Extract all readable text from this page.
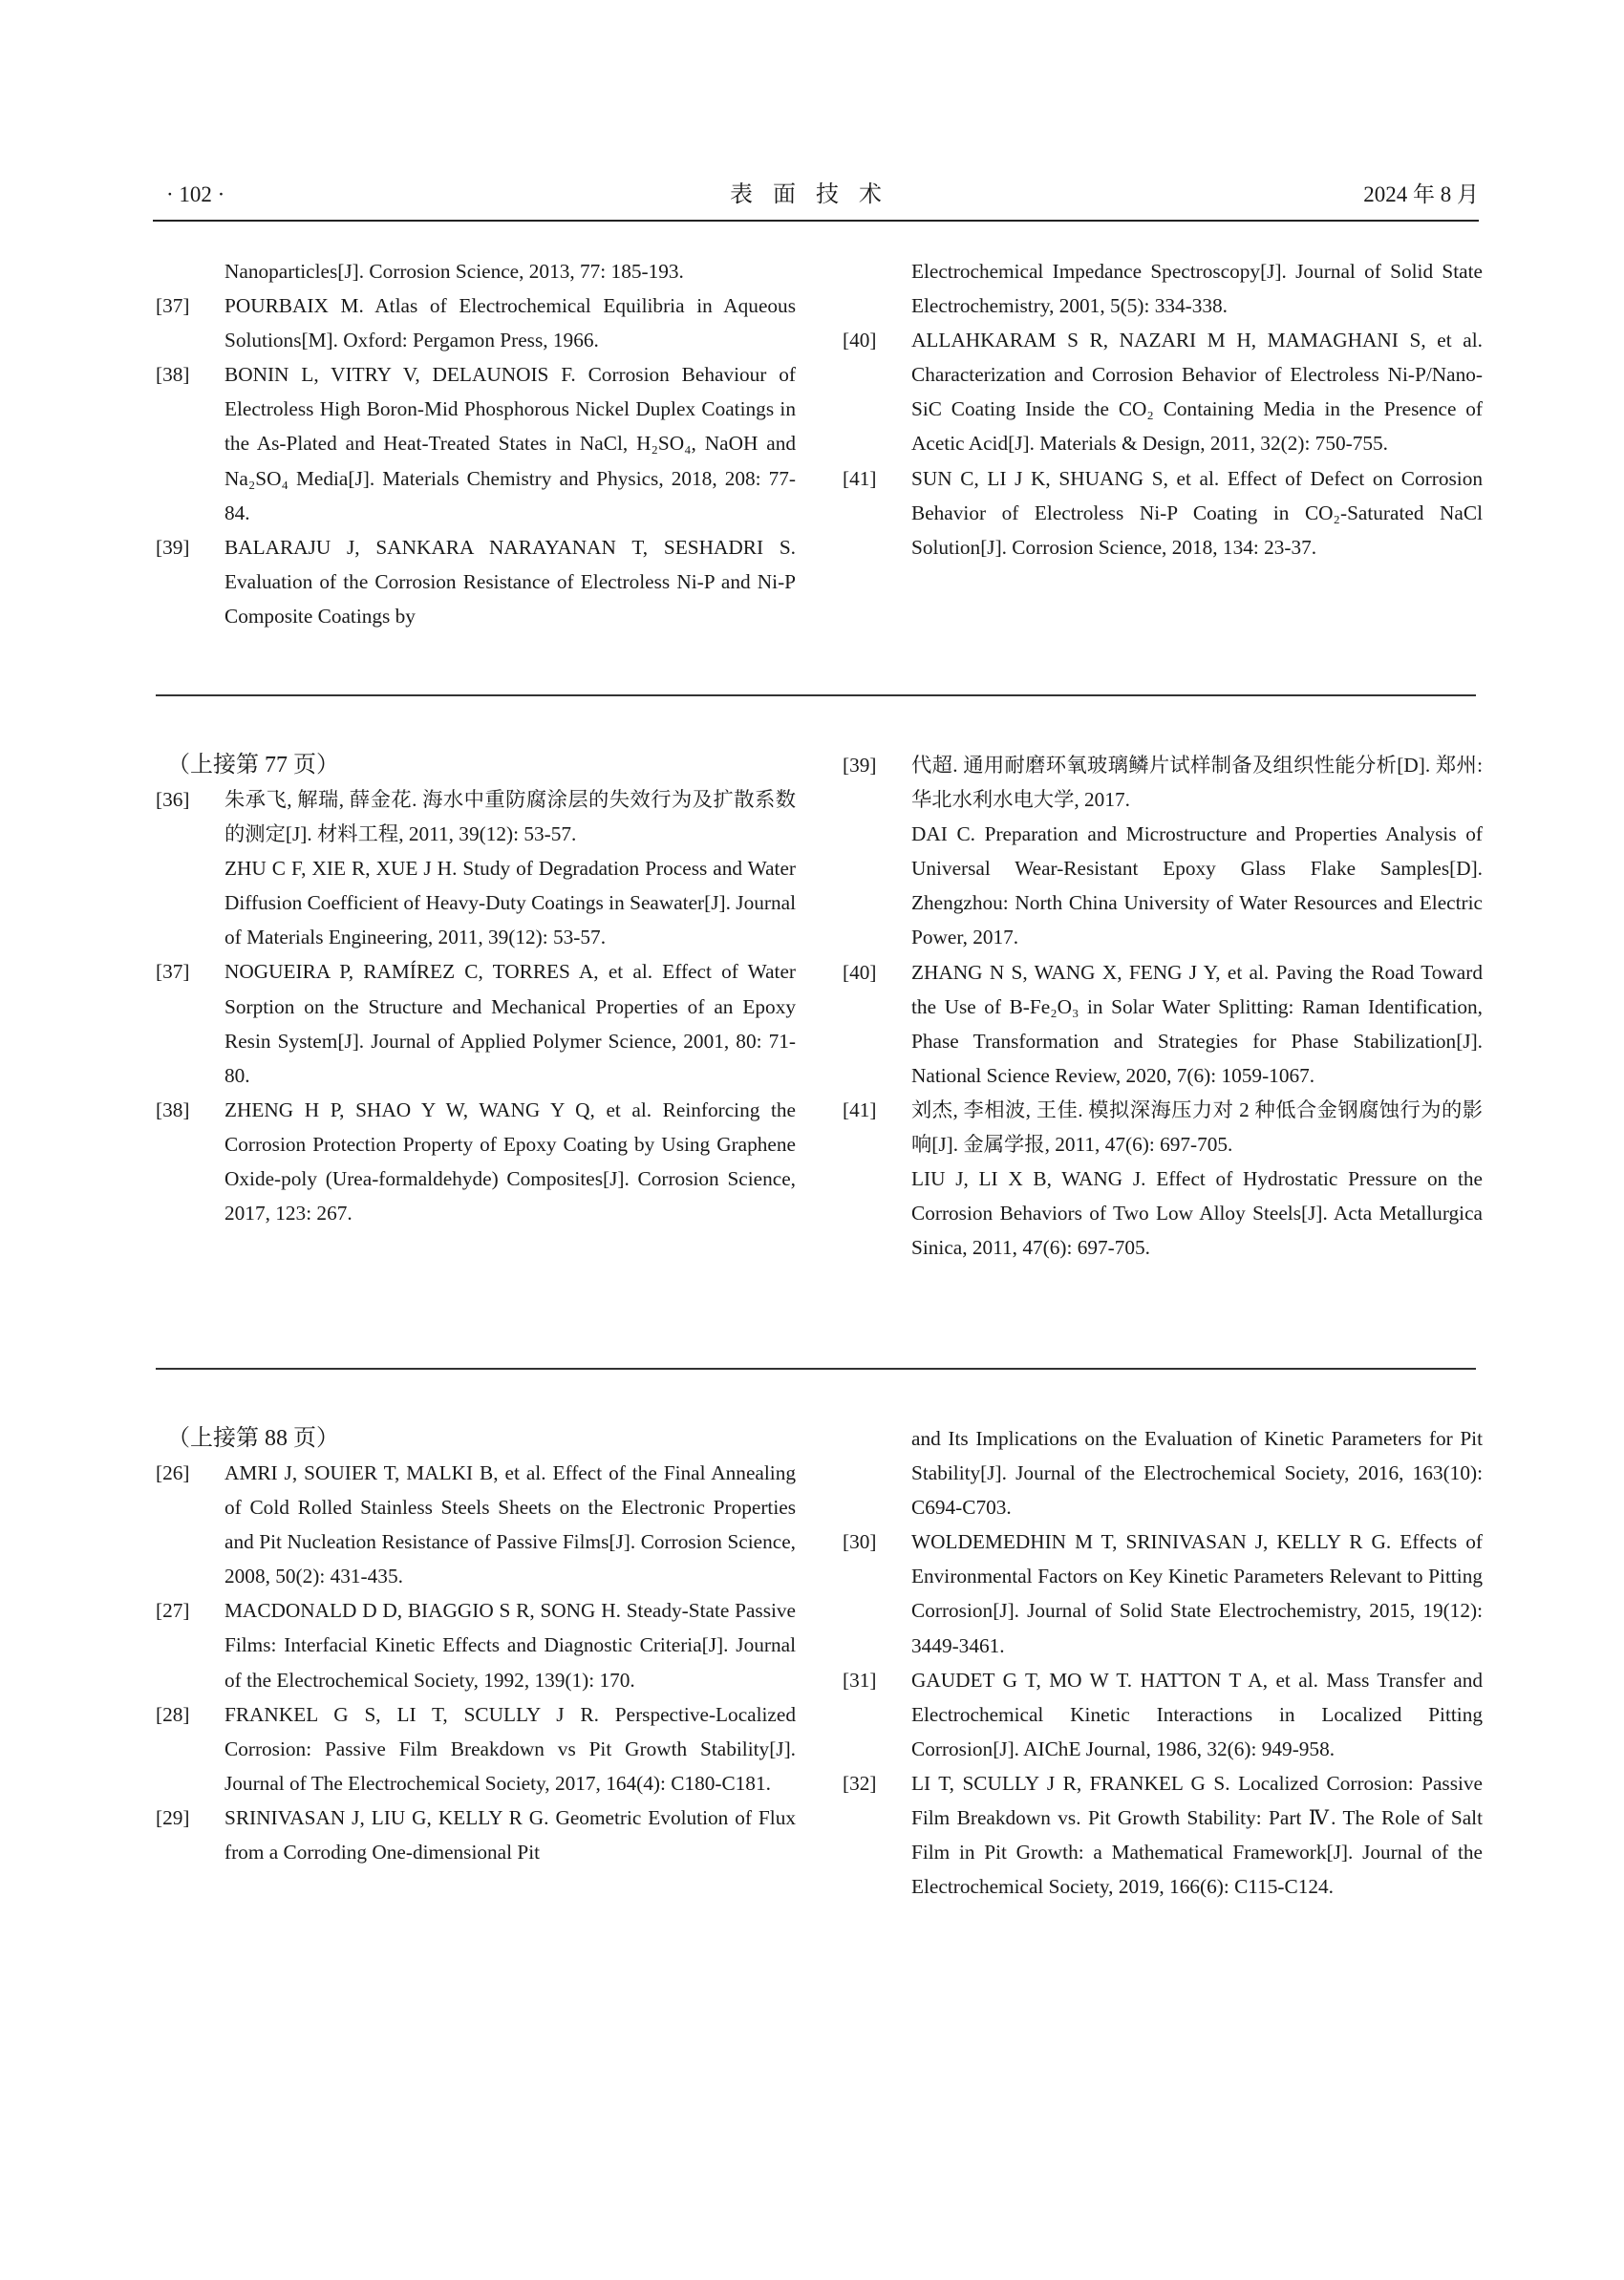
· 102 ·	表面技术	2024 年 8 月
Nanoparticles[J]. Corrosion Science, 2013, 77: 185-193.
[37]	POURBAIX M. Atlas of Electrochemical Equilibria in Aqueous Solutions[M]. Oxford: Pergamon Press, 1966.
[38]	BONIN L, VITRY V, DELAUNOIS F. Corrosion Behaviour of Electroless High Boron-Mid Phosphorous Nickel Duplex Coatings in the As-Plated and Heat-Treated States in NaCl, H₂SO₄, NaOH and Na₂SO₄ Media[J]. Materials Chemistry and Physics, 2018, 208: 77-84.
[39]	BALARAJU J, SANKARA NARAYANAN T, SESHADRI S. Evaluation of the Corrosion Resistance of Electroless Ni-P and Ni-P Composite Coatings by
Electrochemical Impedance Spectroscopy[J]. Journal of Solid State Electrochemistry, 2001, 5(5): 334-338.
[40]	ALLAHKARAM S R, NAZARI M H, MAMAGHANI S, et al. Characterization and Corrosion Behavior of Electroless Ni-P/Nano-SiC Coating Inside the CO₂ Containing Media in the Presence of Acetic Acid[J]. Materials & Design, 2011, 32(2): 750-755.
[41]	SUN C, LI J K, SHUANG S, et al. Effect of Defect on Corrosion Behavior of Electroless Ni-P Coating in CO₂-Saturated NaCl Solution[J]. Corrosion Science, 2018, 134: 23-37.
（上接第 77 页）
[36]	朱承飞, 解瑞, 薛金花. 海水中重防腐涂层的失效行为及扩散系数的测定[J]. 材料工程, 2011, 39(12): 53-57.
ZHU C F, XIE R, XUE J H. Study of Degradation Process and Water Diffusion Coefficient of Heavy-Duty Coatings in Seawater[J]. Journal of Materials Engineering, 2011, 39(12): 53-57.
[37]	NOGUEIRA P, RAMÍREZ C, TORRES A, et al. Effect of Water Sorption on the Structure and Mechanical Properties of an Epoxy Resin System[J]. Journal of Applied Polymer Science, 2001, 80: 71-80.
[38]	ZHENG H P, SHAO Y W, WANG Y Q, et al. Reinforcing the Corrosion Protection Property of Epoxy Coating by Using Graphene Oxide-poly (Urea-formaldehyde) Composites[J]. Corrosion Science, 2017, 123: 267.
[39]	代超. 通用耐磨环氧玻璃鳞片试样制备及组织性能分析[D]. 郑州: 华北水利水电大学, 2017.
DAI C. Preparation and Microstructure and Properties Analysis of Universal Wear-Resistant Epoxy Glass Flake Samples[D]. Zhengzhou: North China University of Water Resources and Electric Power, 2017.
[40]	ZHANG N S, WANG X, FENG J Y, et al. Paving the Road Toward the Use of B-Fe₂O₃ in Solar Water Splitting: Raman Identification, Phase Transformation and Strategies for Phase Stabilization[J]. National Science Review, 2020, 7(6): 1059-1067.
[41]	刘杰, 李相波, 王佳. 模拟深海压力对 2 种低合金钢腐蚀行为的影响[J]. 金属学报, 2011, 47(6): 697-705.
LIU J, LI X B, WANG J. Effect of Hydrostatic Pressure on the Corrosion Behaviors of Two Low Alloy Steels[J]. Acta Metallurgica Sinica, 2011, 47(6): 697-705.
（上接第 88 页）
[26]	AMRI J, SOUIER T, MALKI B, et al. Effect of the Final Annealing of Cold Rolled Stainless Steels Sheets on the Electronic Properties and Pit Nucleation Resistance of Passive Films[J]. Corrosion Science, 2008, 50(2): 431-435.
[27]	MACDONALD D D, BIAGGIO S R, SONG H. Steady-State Passive Films: Interfacial Kinetic Effects and Diagnostic Criteria[J]. Journal of the Electrochemical Society, 1992, 139(1): 170.
[28]	FRANKEL G S, LI T, SCULLY J R. Perspective-Localized Corrosion: Passive Film Breakdown vs Pit Growth Stability[J]. Journal of The Electrochemical Society, 2017, 164(4): C180-C181.
[29]	SRINIVASAN J, LIU G, KELLY R G. Geometric Evolution of Flux from a Corroding One-dimensional Pit
and Its Implications on the Evaluation of Kinetic Parameters for Pit Stability[J]. Journal of the Electrochemical Society, 2016, 163(10): C694-C703.
[30]	WOLDEMEDHIN M T, SRINIVASAN J, KELLY R G. Effects of Environmental Factors on Key Kinetic Parameters Relevant to Pitting Corrosion[J]. Journal of Solid State Electrochemistry, 2015, 19(12): 3449-3461.
[31]	GAUDET G T, MO W T. HATTON T A, et al. Mass Transfer and Electrochemical Kinetic Interactions in Localized Pitting Corrosion[J]. AIChE Journal, 1986, 32(6): 949-958.
[32]	LI T, SCULLY J R, FRANKEL G S. Localized Corrosion: Passive Film Breakdown vs. Pit Growth Stability: Part Ⅳ. The Role of Salt Film in Pit Growth: a Mathematical Framework[J]. Journal of the Electrochemical Society, 2019, 166(6): C115-C124.
